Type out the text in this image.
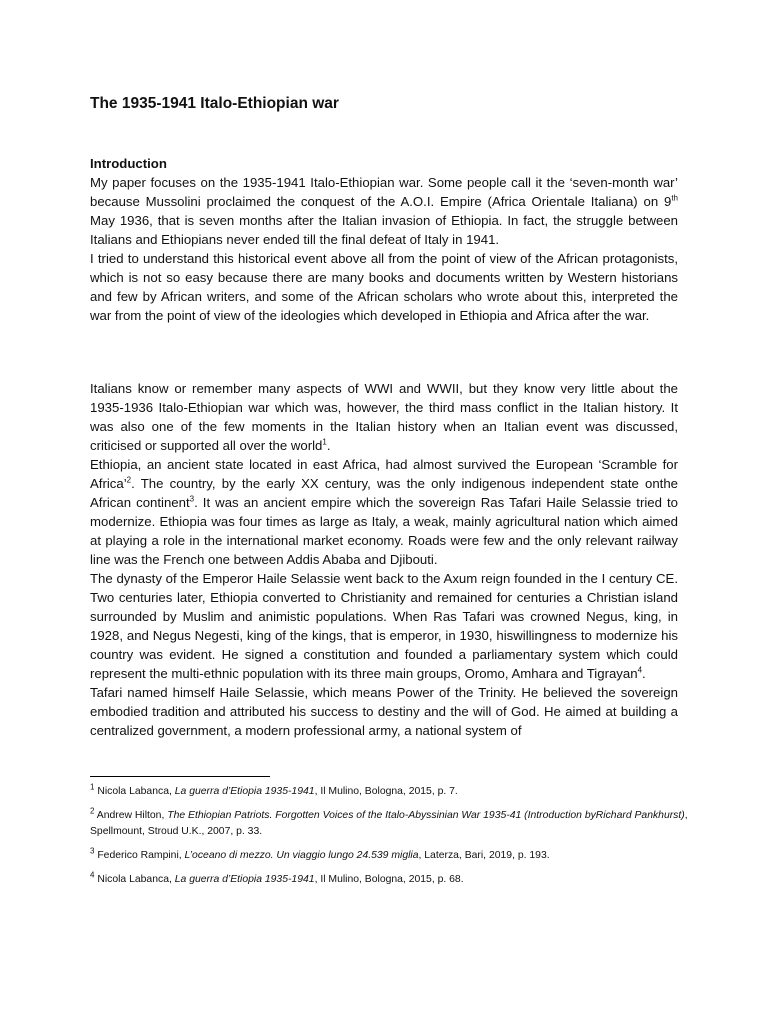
The 1935-1941 Italo-Ethiopian war
Introduction

My paper focuses on the 1935-1941 Italo-Ethiopian war. Some people call it the ‘seven-month war’ because Mussolini proclaimed the conquest of the A.O.I. Empire (Africa Orientale Italiana) on 9th May 1936, that is seven months after the Italian invasion of Ethiopia. In fact, the struggle between Italians and Ethiopians never ended till the final defeat of Italy in 1941.

I tried to understand this historical event above all from the point of view of the African protagonists, which is not so easy because there are many books and documents written by Western historians and few by African writers, and some of the African scholars who wrote about this, interpreted the war from the point of view of the ideologies which developed in Ethiopia and Africa after the war.

Italians know or remember many aspects of WWI and WWII, but they know very little about the 1935-1936 Italo-Ethiopian war which was, however, the third mass conflict in the Italian history. It was also one of the few moments in the Italian history when an Italian event was discussed, criticised or supported all over the world$^1$.

Ethiopia, an ancient state located in east Africa, had almost survived the European ‘Scramble for Africa’$^2$. The country, by the early XX century, was the only indigenous independent state onthe African continent$^3$. It was an ancient empire which the sovereign Ras Tafari Haile Selassie tried to modernize. Ethiopia was four times as large as Italy, a weak, mainly agricultural nation which aimed at playing a role in the international market economy. Roads were few and the only relevant railway line was the French one between Addis Ababa and Djibouti.

The dynasty of the Emperor Haile Selassie went back to the Axum reign founded in the I century CE. Two centuries later, Ethiopia converted to Christianity and remained for centuries a Christian island surrounded by Muslim and animistic populations. When Ras Tafari was crowned Negus, king, in 1928, and Negus Negesti, king of the kings, that is emperor, in 1930, hiswillingness to modernize his country was evident. He signed a constitution and founded a parliamentary system which could represent the multi-ethnic population with its three main groups, Oromo, Amhara and Tigrayan$^4$.

Tafari named himself Haile Selassie, which means Power of the Trinity. He believed the sovereign embodied tradition and attributed his success to destiny and the will of God. He aimed at building a centralized government, a modern professional army, a national system of

$^1$ Nicola Labanca, La guerra d’Etiopia 1935-1941, Il Mulino, Bologna, 2015, p. 7.

$^2$ Andrew Hilton, The Ethiopian Patriots. Forgotten Voices of the Italo-Abyssinian War 1935-41 (Introduction byRichard Pankhurst), Spellmount, Stroud U.K., 2007, p. 33.

$^3$ Federico Rampini, L’oceano di mezzo. Un viaggio lungo 24.539 miglia, Laterza, Bari, 2019, p. 193.

$^4$ Nicola Labanca, La guerra d’Etiopia 1935-1941, Il Mulino, Bologna, 2015, p. 68.
